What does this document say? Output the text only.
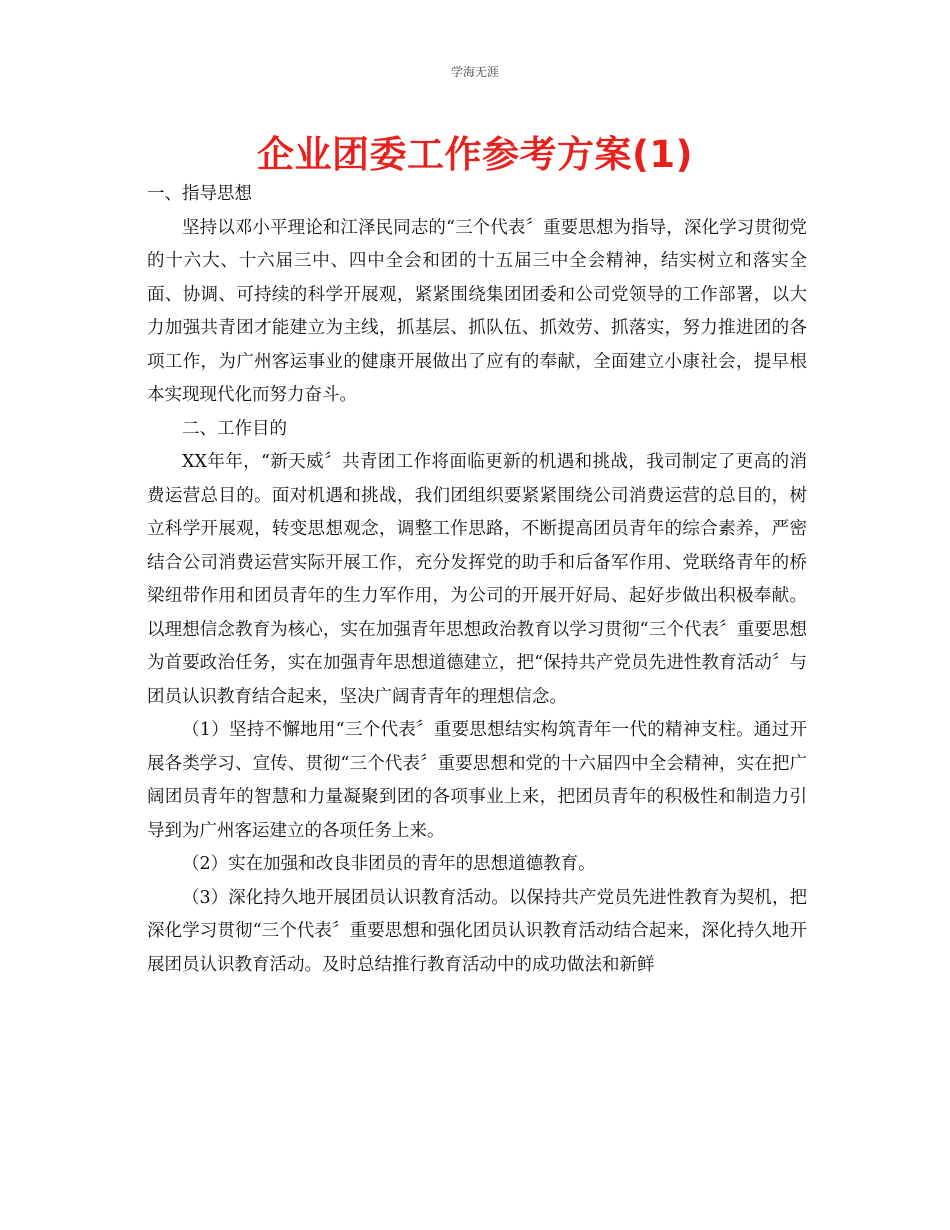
学海无涯
企业团委工作参考方案(1)

一、指导思想

坚持以邓小平理论和江泽民同志的“三个代表〞重要思想为指导，深化学习贯彻党的十六大、十六届三中、四中全会和团的十五届三中全会精神，结实树立和落实全面、协调、可持续的科学开展观，紧紧围绕集团团委和公司党领导的工作部署，以大力加强共青团才能建立为主线，抓基层、抓队伍、抓效劳、抓落实，努力推进团的各项工作，为广州客运事业的健康开展做出了应有的奉献，全面建立小康社会，提早根本实现现代化而努力奋斗。

二、工作目的

XX年年，“新天威〞共青团工作将面临更新的机遇和挑战，我司制定了更高的消费运营总目的。面对机遇和挑战，我们团组织要紧紧围绕公司消费运营的总目的，树立科学开展观，转变思想观念，调整工作思路，不断提高团员青年的综合素养，严密结合公司消费运营实际开展工作，充分发挥党的助手和后备军作用、党联络青年的桥梁纽带作用和团员青年的生力军作用，为公司的开展开好局、起好步做出积极奉献。以理想信念教育为核心，实在加强青年思想政治教育以学习贯彻“三个代表〞重要思想为首要政治任务，实在加强青年思想道德建立，把“保持共产党员先进性教育活动〞与团员认识教育结合起来，坚决广阔青青年的理想信念。

（1）坚持不懈地用“三个代表〞重要思想结实构筑青年一代的精神支柱。通过开展各类学习、宣传、贯彻“三个代表〞重要思想和党的十六届四中全会精神，实在把广阔团员青年的智慧和力量凝聚到团的各项事业上来，把团员青年的积极性和制造力引导到为广州客运建立的各项任务上来。

（2）实在加强和改良非团员的青年的思想道德教育。

（3）深化持久地开展团员认识教育活动。以保持共产党员先进性教育为契机，把深化学习贯彻“三个代表〞重要思想和强化团员认识教育活动结合起来，深化持久地开展团员认识教育活动。及时总结推行教育活动中的成功做法和新鲜
